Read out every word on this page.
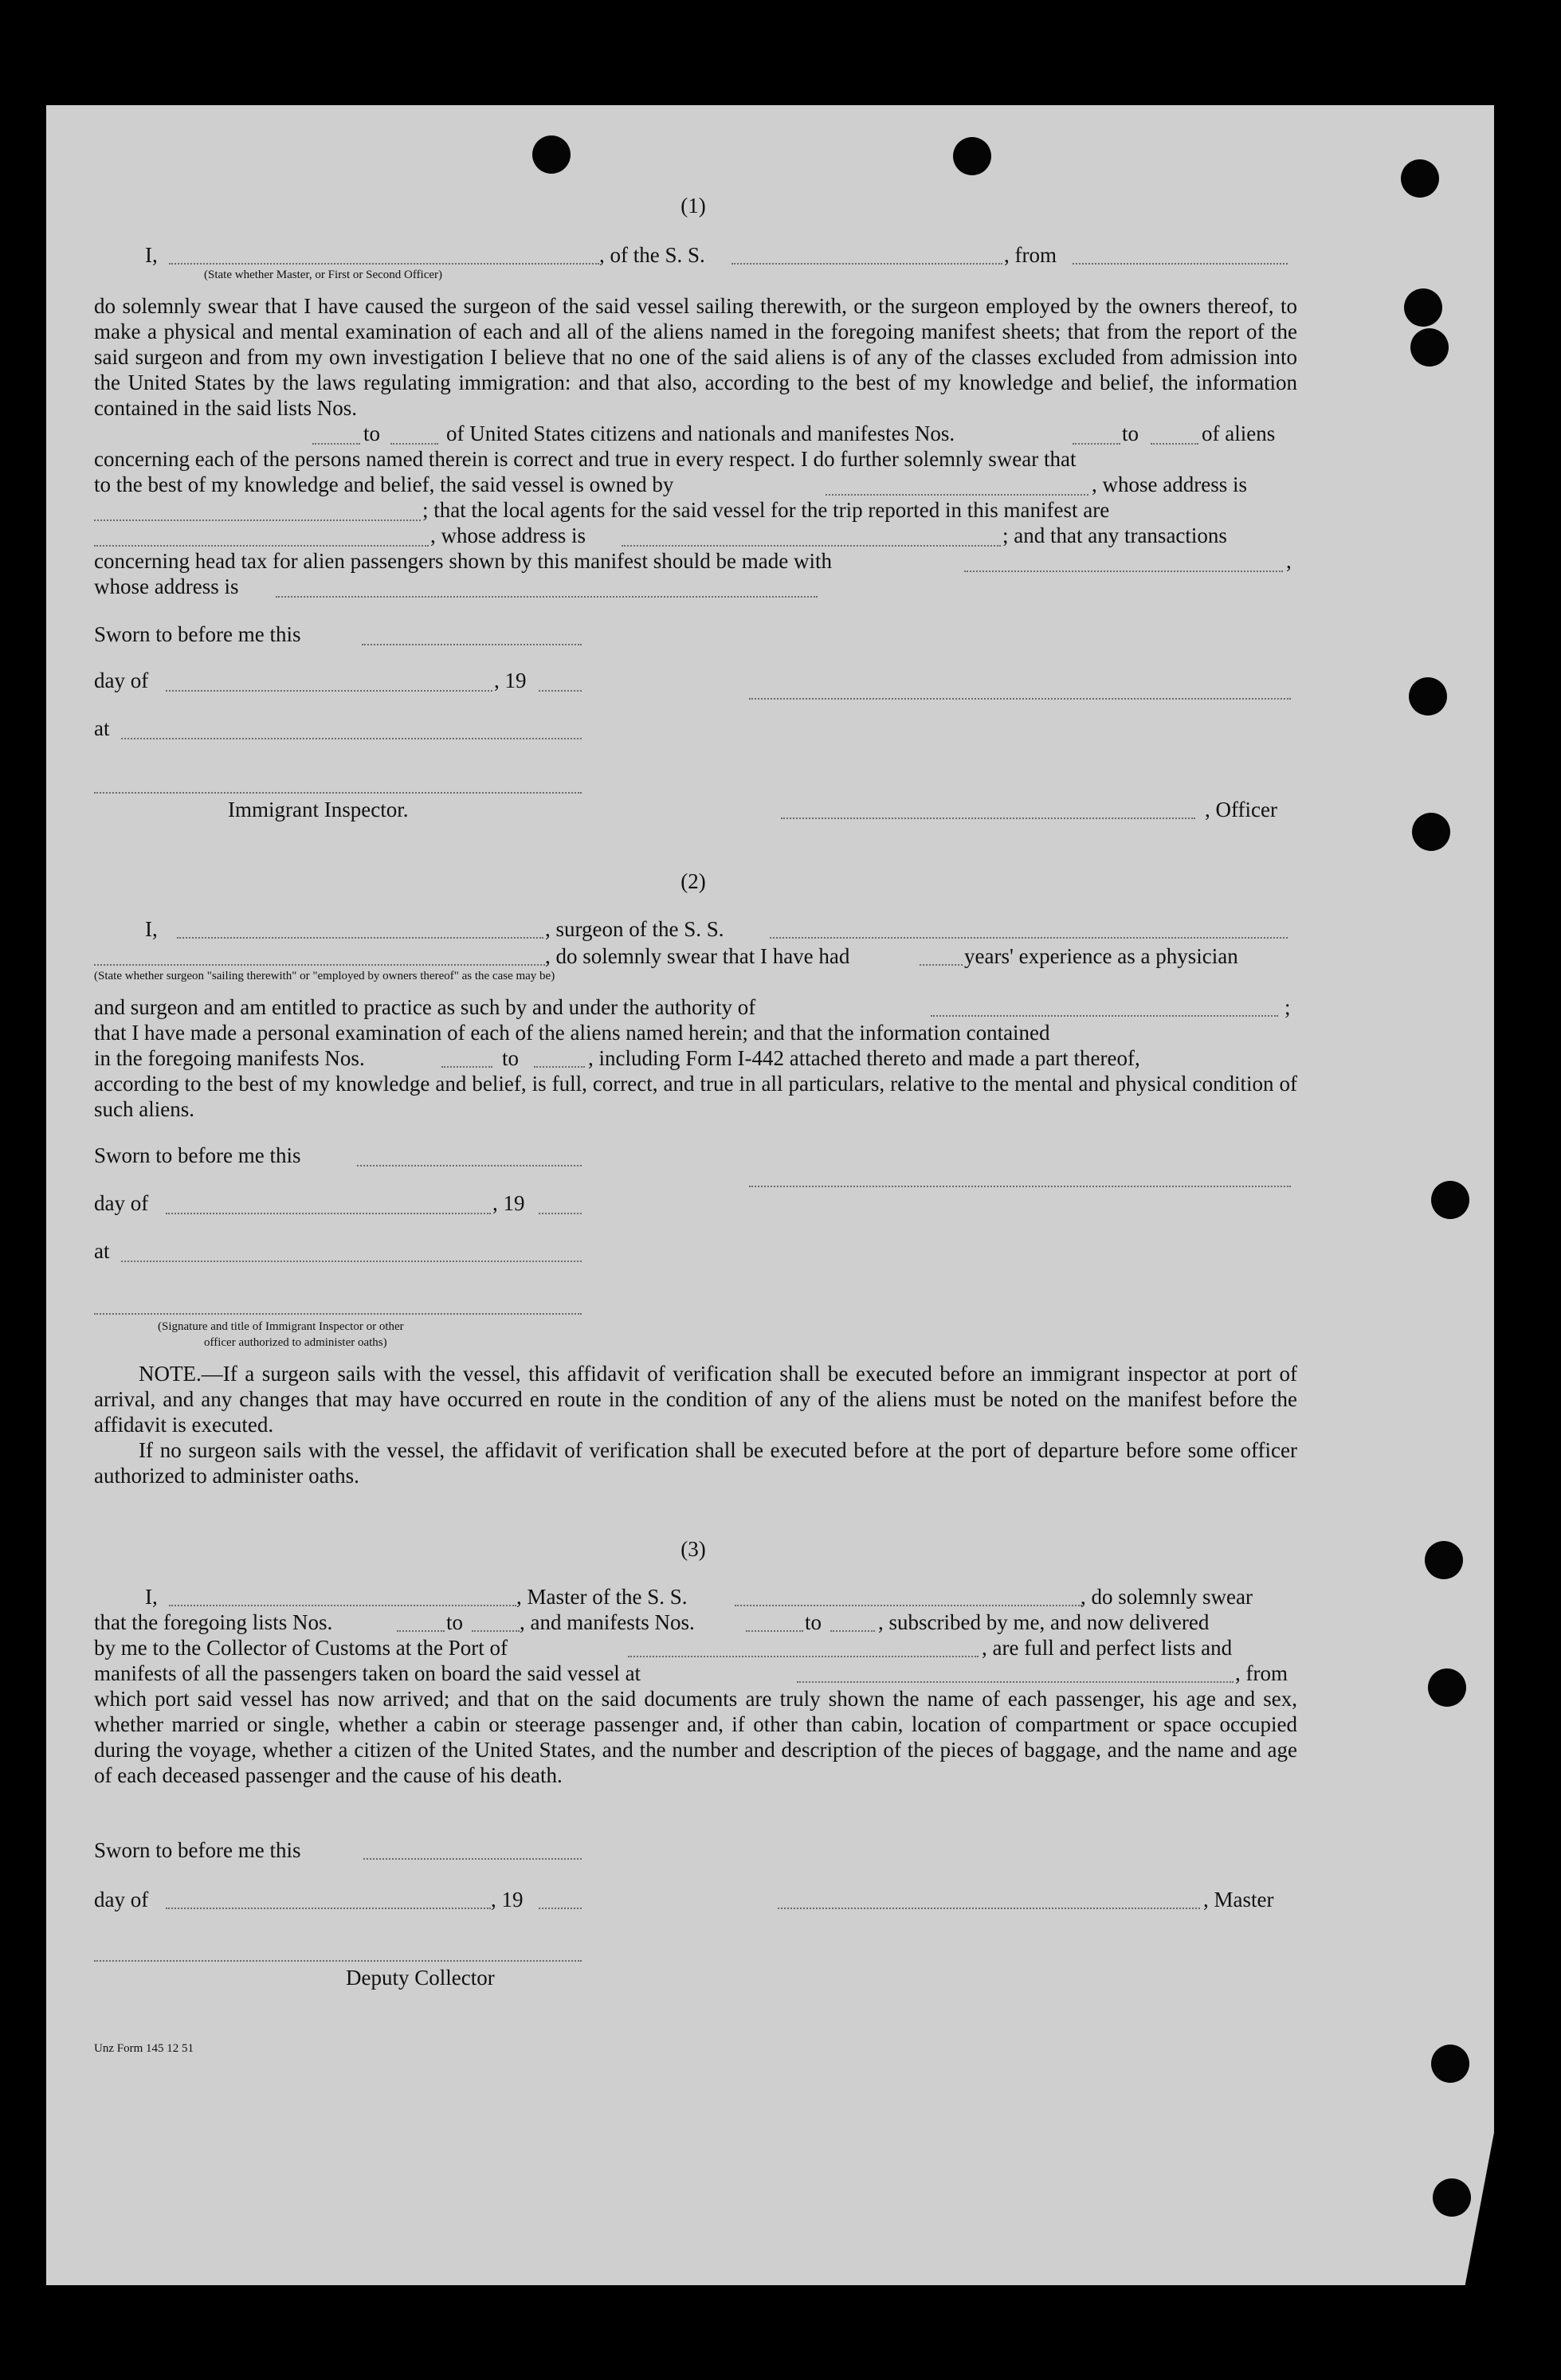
(1)
I,	, of the S. S.	, from
(State whether Master, or First or Second Officer)
do solemnly swear that I have caused the surgeon of the said vessel sailing therewith, or the surgeon employed by the owners thereof, to make a physical and mental examination of each and all of the aliens named in the foregoing manifest sheets; that from the report of the said surgeon and from my own investigation I believe that no one of the said aliens is of any of the classes excluded from admission into the United States by the laws regulating immigration: and that also, according to the best of my knowledge and belief, the information contained in the said lists Nos.
to	of United States citizens and nationals and manifestes Nos.	to	of aliens
concerning each of the persons named therein is correct and true in every respect. I do further solemnly swear that
to the best of my knowledge and belief, the said vessel is owned by	, whose address is
; that the local agents for the said vessel for the trip reported in this manifest are
, whose address is	; and that any transactions
concerning head tax for alien passengers shown by this manifest should be made with	,
whose address is
Sworn to before me this
day of	, 19
at
Immigrant Inspector.	, Officer
(2)
I,	, surgeon of the S. S.
, do solemnly swear that I have had	years' experience as a physician
(State whether surgeon "sailing therewith" or "employed by owners thereof" as the case may be)
and surgeon and am entitled to practice as such by and under the authority of	;
that I have made a personal examination of each of the aliens named herein; and that the information contained
in the foregoing manifests Nos.	to	, including Form I-442 attached thereto and made a part thereof,
according to the best of my knowledge and belief, is full, correct, and true in all particulars, relative to the mental and physical condition of such aliens.
Sworn to before me this
day of	, 19
at
(Signature and title of Immigrant Inspector or other
officer authorized to administer oaths)
NOTE.—If a surgeon sails with the vessel, this affidavit of verification shall be executed before an immigrant inspector at port of arrival, and any changes that may have occurred en route in the condition of any of the aliens must be noted on the manifest before the affidavit is executed.
If no surgeon sails with the vessel, the affidavit of verification shall be executed before at the port of departure before some officer authorized to administer oaths.
(3)
I,	, Master of the S. S.	, do solemnly swear
that the foregoing lists Nos.	to	, and manifests Nos.	to	, subscribed by me, and now delivered
by me to the Collector of Customs at the Port of	, are full and perfect lists and
manifests of all the passengers taken on board the said vessel at	, from
which port said vessel has now arrived; and that on the said documents are truly shown the name of each passenger, his age and sex, whether married or single, whether a cabin or steerage passenger and, if other than cabin, location of compartment or space occupied during the voyage, whether a citizen of the United States, and the number and description of the pieces of baggage, and the name and age of each deceased passenger and the cause of his death.
Sworn to before me this
day of	, 19	, Master
Deputy Collector
Unz Form 145 12 51
